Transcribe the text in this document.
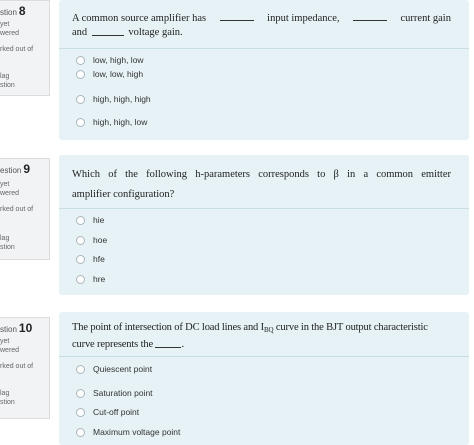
stion 8
yet
wered
rked out of
lag
stion
A common source amplifier has	input impedance,	current gain
and	voltage gain.
low, high, low
low, low, high
high, high, high
high, high, low
estion 9
yet
wered
rked out of
lag
stion
Which of the following h-parameters corresponds to β in a common emitter
amplifier configuration?
hie
hoe
hfe
hre
stion 10
yet
wered
rked out of
lag
stion
The point of intersection of DC load lines and $I_{BQ}$ curve in the BJT output characteristic
curve represents the	.
Quiescent point
Saturation point
Cut-off point
Maximum voltage point
